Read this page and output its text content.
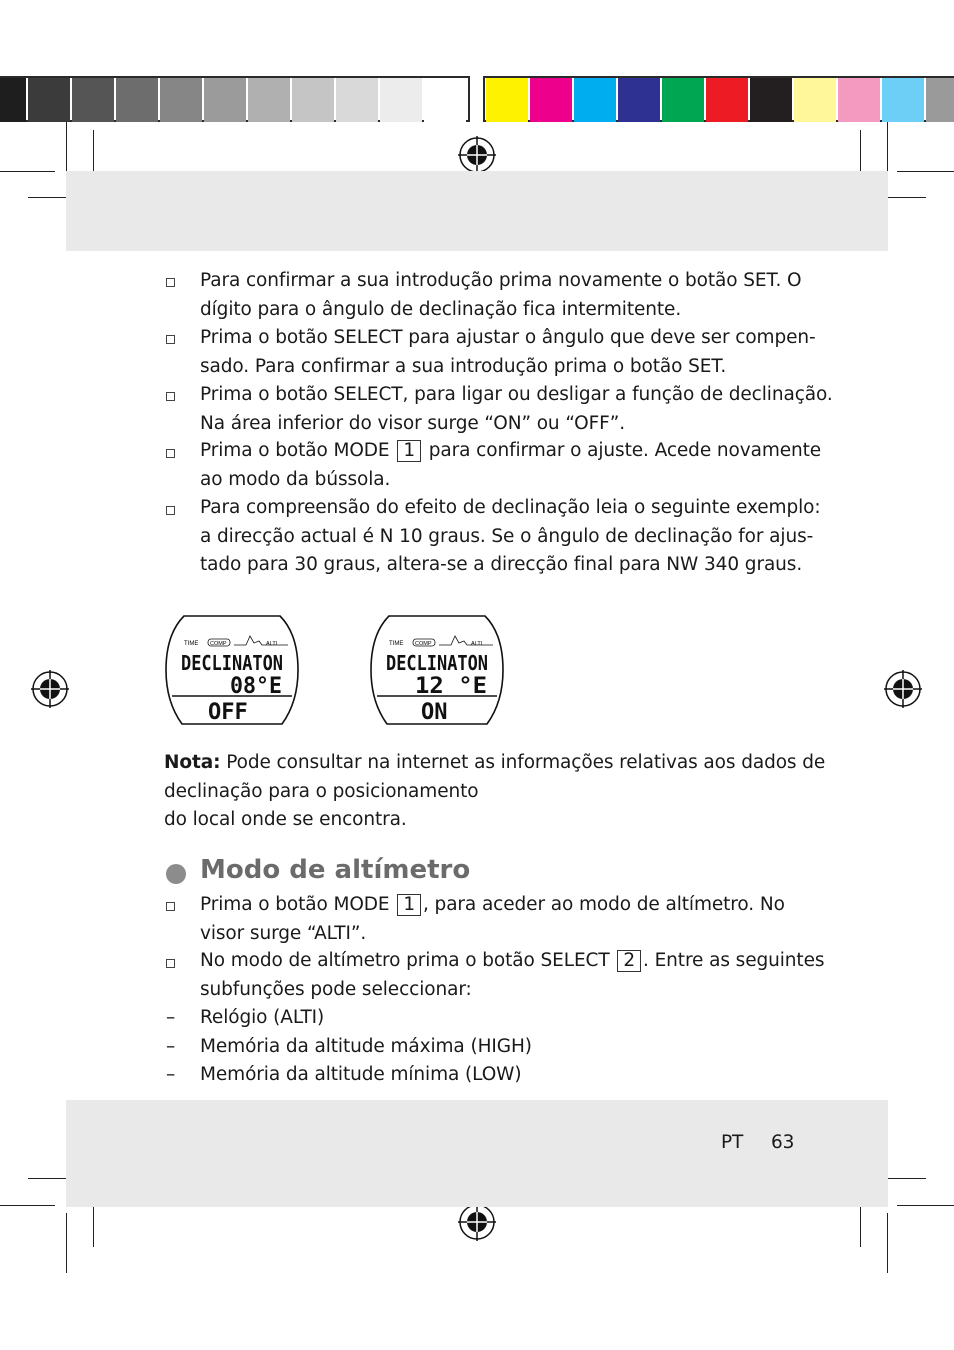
Para confirmar a sua introdução prima novamente o botão SET. O
dígito para o ângulo de declinação fica intermitente.
Prima o botão SELECT para ajustar o ângulo que deve ser compen-
sado. Para confirmar a sua introdução prima o botão SET.
Prima o botão SELECT, para ligar ou desligar a função de declinação.
Na área inferior do visor surge “ON” ou “OFF”.
Prima o botão MODE 1 para confirmar o ajuste. Acede novamente
ao modo da bússola.
Para compreensão do efeito de declinação leia o seguinte exemplo:
a direcção actual é N 10 graus. Se o ângulo de declinação for ajus-
tado para 30 graus, altera-se a direcção final para NW 340 graus.
TIME COMP	ALTI
DECLINATON
08°E
OFF
TIME COMP	ALTI
DECLINATON
12 °E
ON
Nota: Pode consultar na internet as informações relativas aos dados de
declinação para o posicionamento
do local onde se encontra.
Modo de altímetro
Prima o botão MODE 1 , para aceder ao modo de altímetro. No
visor surge “ALTI”.
No modo de altímetro prima o botão SELECT 2 . Entre as seguintes
subfunções pode seleccionar:
– Relógio (ALTI)
– Memória da altitude máxima (HIGH)
– Memória da altitude mínima (LOW)
PT 63
